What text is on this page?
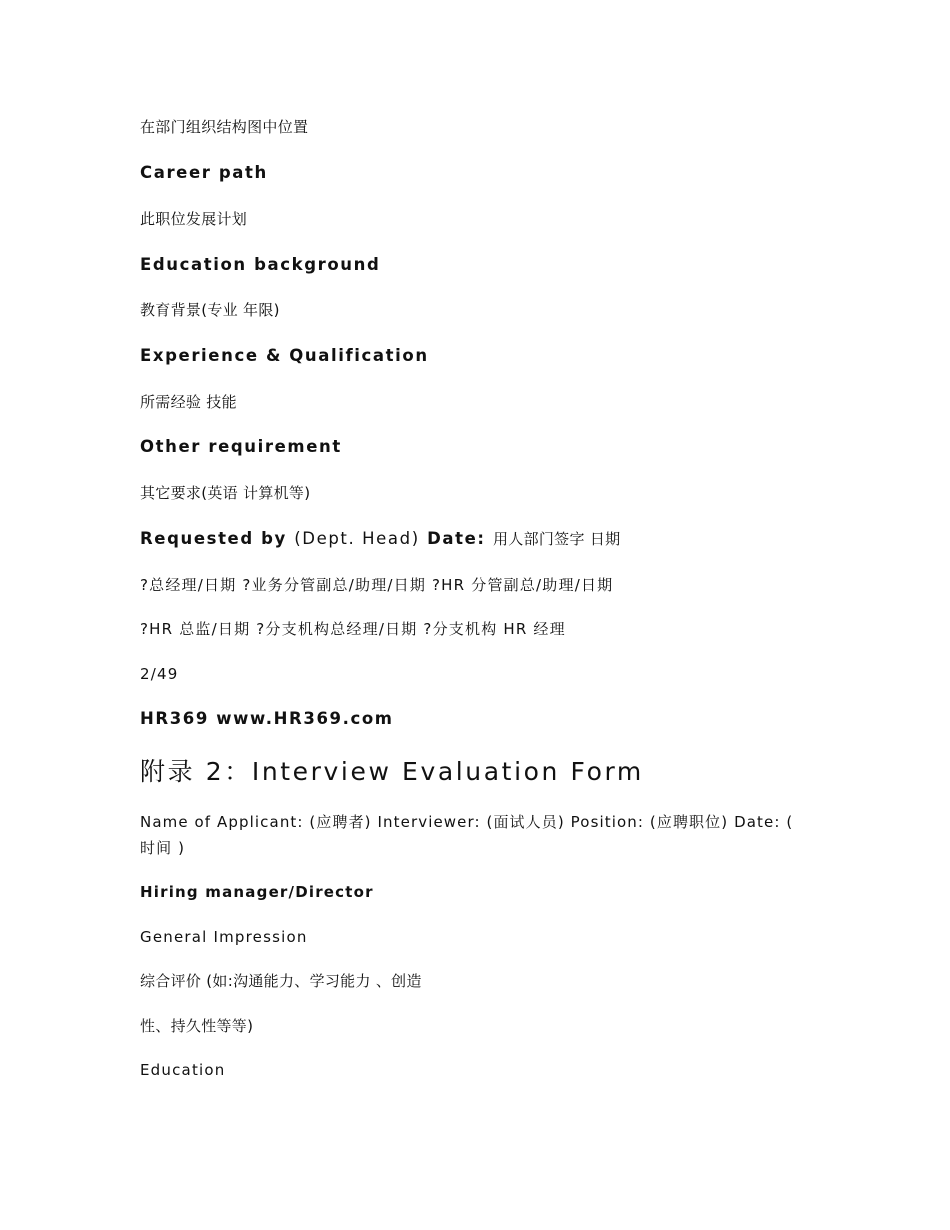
在部门组织结构图中位置
Career path
此职位发展计划
Education background
教育背景(专业 年限)
Experience & Qualification
所需经验 技能
Other requirement
其它要求(英语 计算机等)
Requested by (Dept. Head) Date: 用人部门签字 日期
?总经理/日期 ?业务分管副总/助理/日期 ?HR 分管副总/助理/日期
?HR 总监/日期 ?分支机构总经理/日期 ?分支机构 HR 经理
2/49
HR369 www.HR369.com
附录 2：Interview Evaluation Form
Name of Applicant: (应聘者) Interviewer: (面试人员) Position: (应聘职位) Date: ( 时间 )
Hiring manager/Director
General Impression
综合评价 (如:沟通能力、学习能力 、创造
性、持久性等等)
Education
